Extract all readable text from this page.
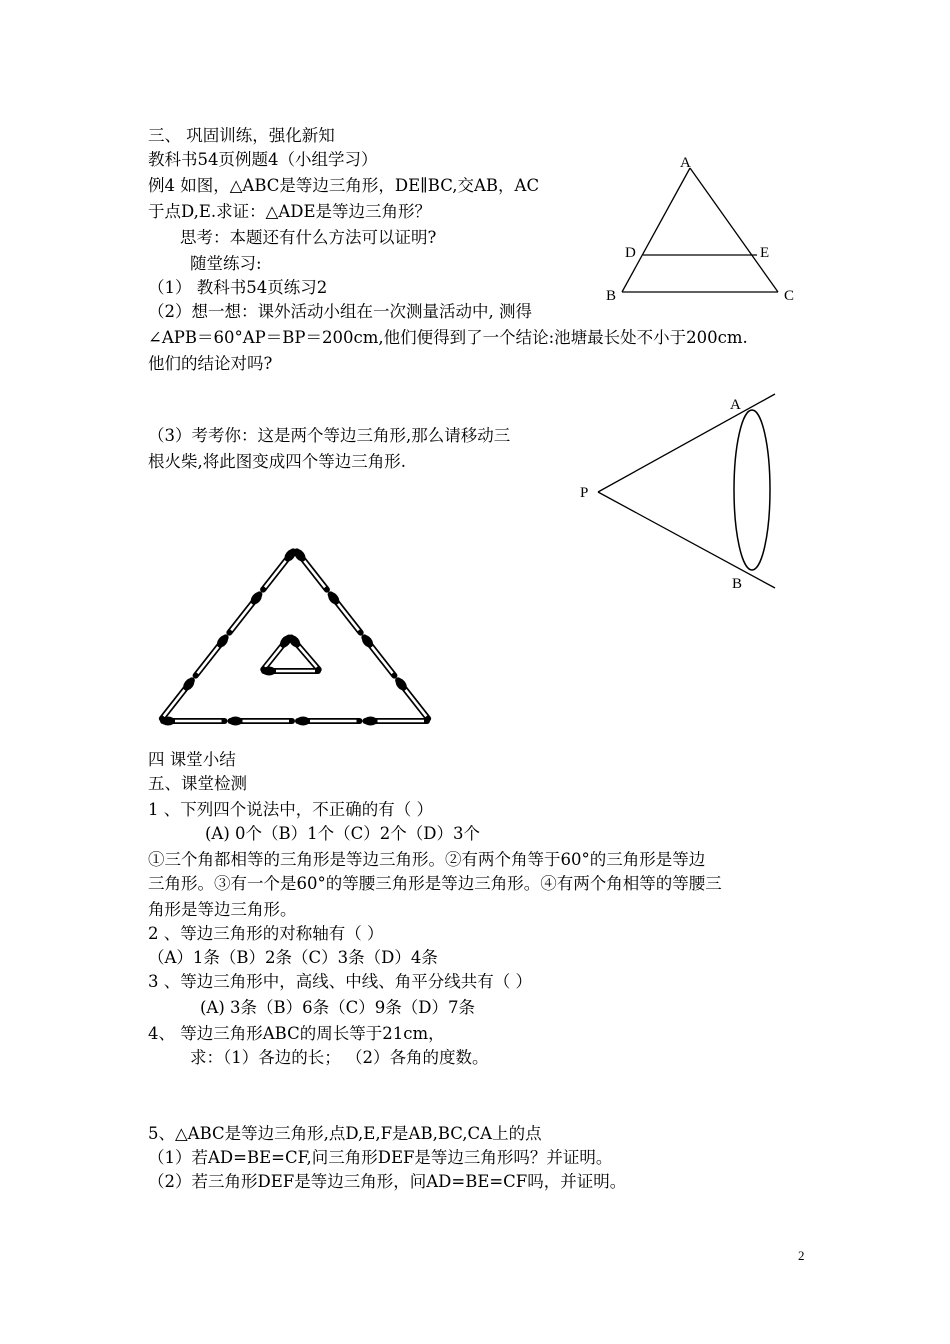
三、 巩固训练，强化新知
教科书54页例题4（小组学习）
例4 如图，△ABC是等边三角形，DE∥BC,交AB，AC
于点D,E.求证：△ADE是等边三角形？
思考：本题还有什么方法可以证明?
随堂练习:
（1） 教科书54页练习2
（2）想一想：课外活动小组在一次测量活动中, 测得
∠APB＝60°AP＝BP＝200cm,他们便得到了一个结论:池塘最长处不小于200cm.
他们的结论对吗?
（3）考考你：这是两个等边三角形,那么请移动三
根火柴,将此图变成四个等边三角形.
A
D	E
B	C
A
P
B
四 课堂小结
五、课堂检测
1 、下列四个说法中，不正确的有（ ）
(A) 0个（B）1个（C）2个（D）3个
①三个角都相等的三角形是等边三角形。②有两个角等于60°的三角形是等边
三角形。③有一个是60°的等腰三角形是等边三角形。④有两个角相等的等腰三
角形是等边三角形。
2 、等边三角形的对称轴有（ ）
（A）1条（B）2条（C）3条（D）4条
3 、等边三角形中，高线、中线、角平分线共有（ ）
(A) 3条（B）6条（C）9条（D）7条
4、 等边三角形ABC的周长等于21cm，
求：（1）各边的长； （2）各角的度数。
5、△ABC是等边三角形,点D,E,F是AB,BC,CA上的点
（1）若AD=BE=CF,问三角形DEF是等边三角形吗？并证明。
（2）若三角形DEF是等边三角形，问AD=BE=CF吗，并证明。
2
